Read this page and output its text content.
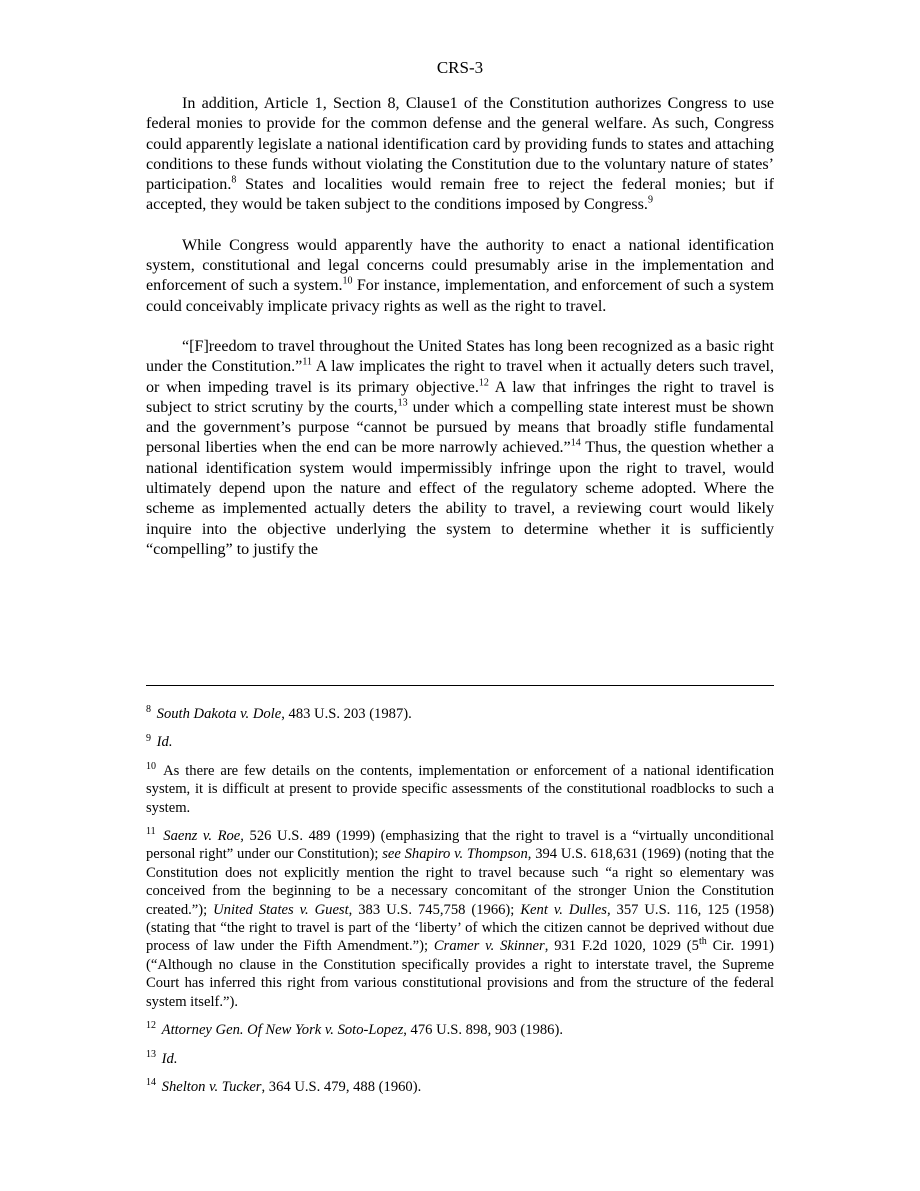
CRS-3

In addition, Article 1, Section 8, Clause1 of the Constitution authorizes Congress to use federal monies to provide for the common defense and the general welfare. As such, Congress could apparently legislate a national identification card by providing funds to states and attaching conditions to these funds without violating the Constitution due to the voluntary nature of states’ participation.$^8$ States and localities would remain free to reject the federal monies; but if accepted, they would be taken subject to the conditions imposed by Congress.$^9$

While Congress would apparently have the authority to enact a national identification system, constitutional and legal concerns could presumably arise in the implementation and enforcement of such a system.$^{10}$ For instance, implementation, and enforcement of such a system could conceivably implicate privacy rights as well as the right to travel.

“[F]reedom to travel throughout the United States has long been recognized as a basic right under the Constitution.”$^{11}$ A law implicates the right to travel when it actually deters such travel, or when impeding travel is its primary objective.$^{12}$ A law that infringes the right to travel is subject to strict scrutiny by the courts,$^{13}$ under which a compelling state interest must be shown and the government’s purpose “cannot be pursued by means that broadly stifle fundamental personal liberties when the end can be more narrowly achieved.”$^{14}$ Thus, the question whether a national identification system would impermissibly infringe upon the right to travel, would ultimately depend upon the nature and effect of the regulatory scheme adopted. Where the scheme as implemented actually deters the ability to travel, a reviewing court would likely inquire into the objective underlying the system to determine whether it is sufficiently “compelling” to justify the

$^8$ South Dakota v. Dole, 483 U.S. 203 (1987).

$^9$ Id.

$^{10}$ As there are few details on the contents, implementation or enforcement of a national identification system, it is difficult at present to provide specific assessments of the constitutional roadblocks to such a system.

$^{11}$ Saenz v. Roe, 526 U.S. 489 (1999) (emphasizing that the right to travel is a “virtually unconditional personal right” under our Constitution); see Shapiro v. Thompson, 394 U.S. 618,631 (1969) (noting that the Constitution does not explicitly mention the right to travel because such “a right so elementary was conceived from the beginning to be a necessary concomitant of the stronger Union the Constitution created.”); United States v. Guest, 383 U.S. 745,758 (1966); Kent v. Dulles, 357 U.S. 116, 125 (1958) (stating that “the right to travel is part of the ‘liberty’ of which the citizen cannot be deprived without due process of law under the Fifth Amendment.”); Cramer v. Skinner, 931 F.2d 1020, 1029 (5th Cir. 1991) (“Although no clause in the Constitution specifically provides a right to interstate travel, the Supreme Court has inferred this right from various constitutional provisions and from the structure of the federal system itself.”).

$^{12}$ Attorney Gen. Of New York v. Soto-Lopez, 476 U.S. 898, 903 (1986).

$^{13}$ Id.

$^{14}$ Shelton v. Tucker, 364 U.S. 479, 488 (1960).
